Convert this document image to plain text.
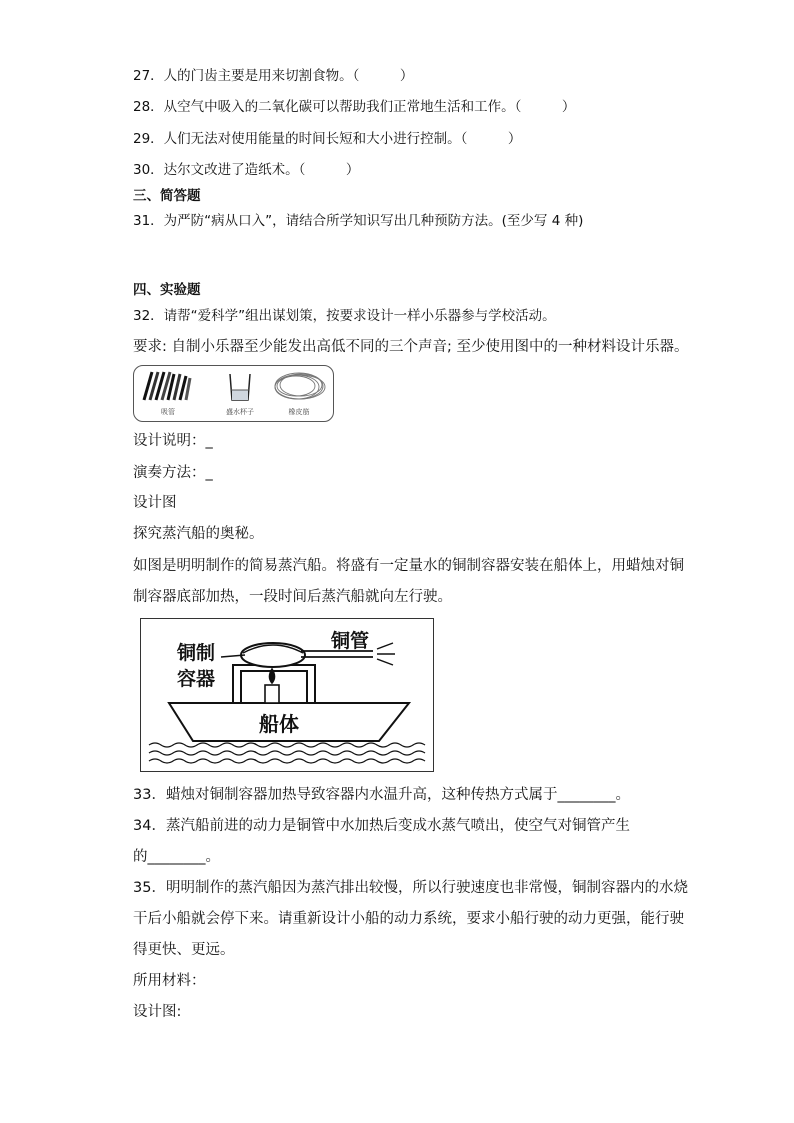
27．人的门齿主要是用来切割食物。（　　　）
28．从空气中吸入的二氧化碳可以帮助我们正常地生活和工作。（　　　）
29．人们无法对使用能量的时间长短和大小进行控制。（　　　）
30．达尔文改进了造纸术。（　　　）
三、简答题
31．为严防“病从口入”，请结合所学知识写出几种预防方法。(至少写 4 种)
四、实验题
32．请帮“爱科学”组出谋划策，按要求设计一样小乐器参与学校活动。
要求: 自制小乐器至少能发出高低不同的三个声音; 至少使用图中的一种材料设计乐器。
吸管	盛水杯子	橡皮筋
设计说明：_
演奏方法：_
设计图
探究蒸汽船的奥秘。
如图是明明制作的简易蒸汽船。将盛有一定量水的铜制容器安装在船体上，用蜡烛对铜
制容器底部加热，一段时间后蒸汽船就向左行驶。
铜制
容器
铜管
船体
33．蜡烛对铜制容器加热导致容器内水温升高，这种传热方式属于________。
34．蒸汽船前进的动力是铜管中水加热后变成水蒸气喷出，使空气对铜管产生
的________。
35．明明制作的蒸汽船因为蒸汽排出较慢，所以行驶速度也非常慢，铜制容器内的水烧
干后小船就会停下来。请重新设计小船的动力系统，要求小船行驶的动力更强，能行驶
得更快、更远。
所用材料：
设计图:
